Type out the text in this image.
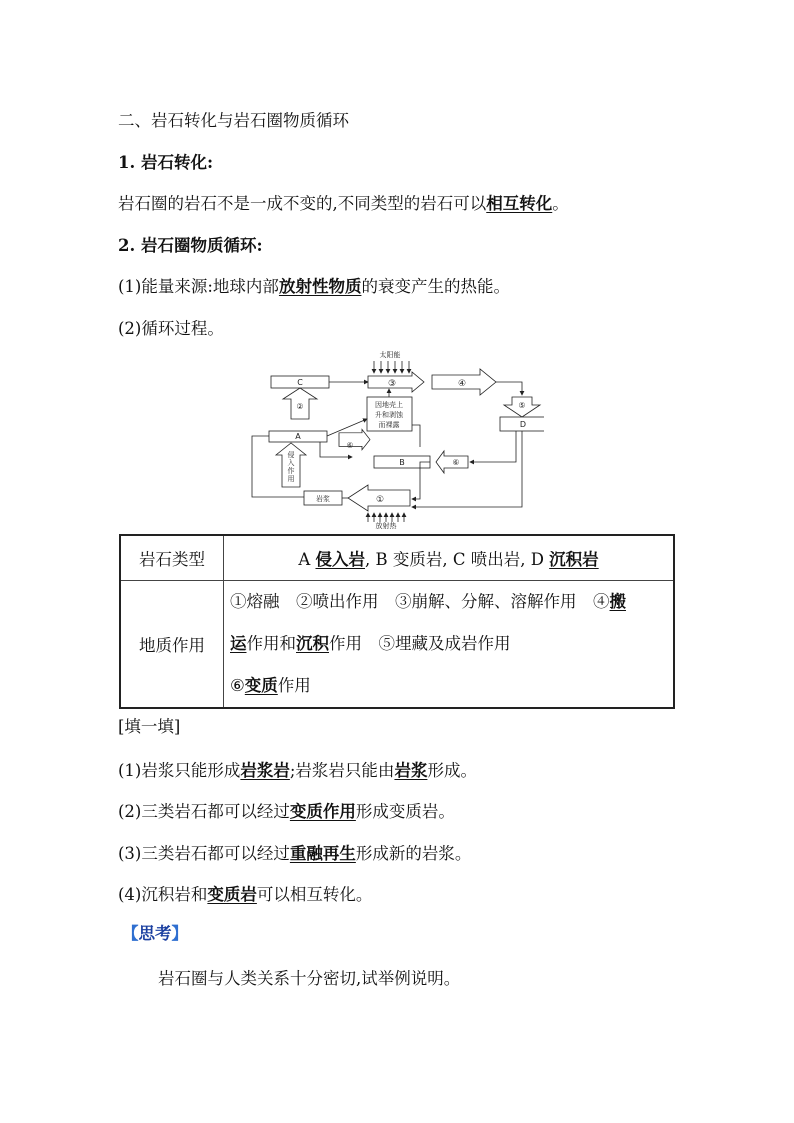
二、岩石转化与岩石圈物质循环
1. 岩石转化:
岩石圈的岩石不是一成不变的,不同类型的岩石可以相互转化。
2. 岩石圈物质循环:
(1)能量来源:地球内部放射性物质的衰变产生的热能。
(2)循环过程。
C
太阳能
③	④
⑤
D
因地壳上
升和剥蚀
而裸露
②
A
侵
入
作
用
⑥
B	⑥
①
岩浆
放射热
岩石类型	A 侵入岩, B 变质岩, C 喷出岩, D 沉积岩
地质作用	①熔融　②喷出作用　③崩解、分解、溶解作用　④搬
运作用和沉积作用　⑤埋藏及成岩作用
⑥变质作用
[填一填]
(1)岩浆只能形成岩浆岩;岩浆岩只能由岩浆形成。
(2)三类岩石都可以经过变质作用形成变质岩。
(3)三类岩石都可以经过重融再生形成新的岩浆。
(4)沉积岩和变质岩可以相互转化。
【思考】
岩石圈与人类关系十分密切,试举例说明。
